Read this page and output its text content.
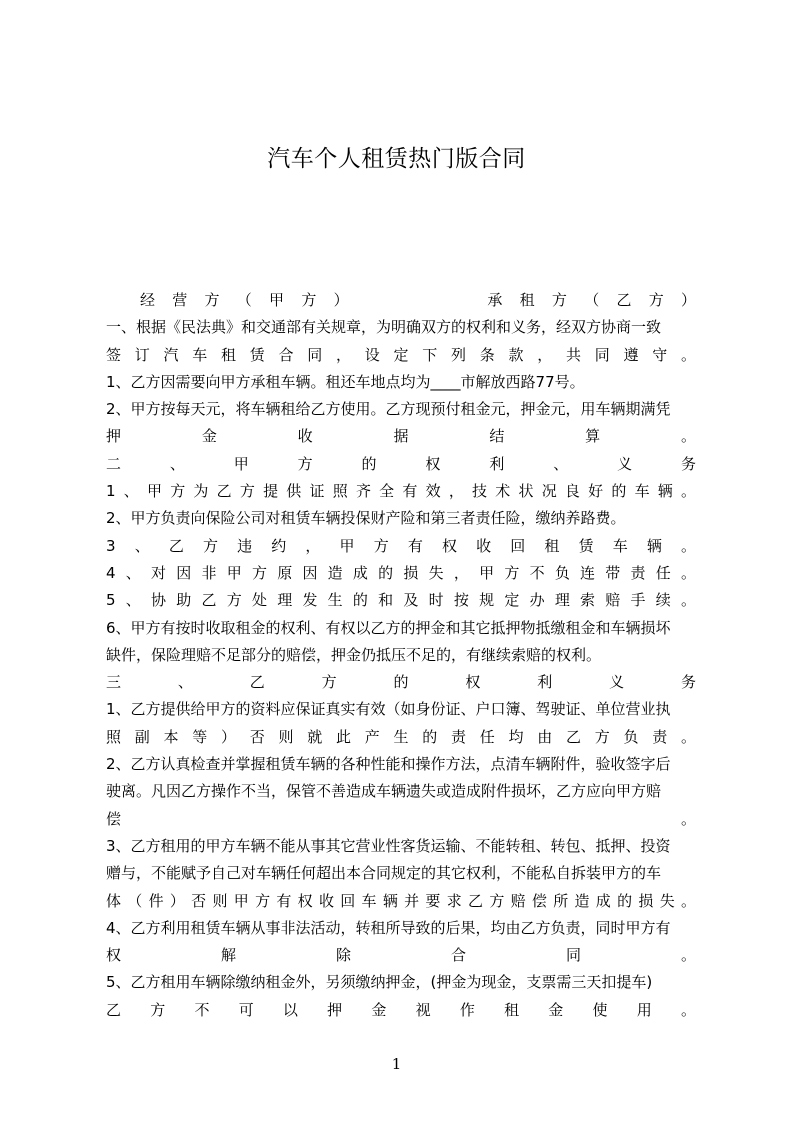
汽车个人租赁热门版合同
经营方（甲方）　　　　承租方（乙方）
一、根据《民法典》和交通部有关规章，为明确双方的权利和义务，经双方协商一致
签订汽车租赁合同，设定下列条款，共同遵守。
1、乙方因需要向甲方承租车辆。租还车地点均为____市解放西路77号。
2、甲方按每天元，将车辆租给乙方使用。乙方现预付租金元，押金元，用车辆期满凭
押金收据结算。
二、甲方的权利、义务
1、甲方为乙方提供证照齐全有效，技术状况良好的车辆。
2、甲方负责向保险公司对租赁车辆投保财产险和第三者责任险，缴纳养路费。
3、乙方违约，甲方有权收回租赁车辆。
4、对因非甲方原因造成的损失，甲方不负连带责任。
5、协助乙方处理发生的和及时按规定办理索赔手续。
6、甲方有按时收取租金的权利、有权以乙方的押金和其它抵押物抵缴租金和车辆损坏
缺件，保险理赔不足部分的赔偿，押金仍抵压不足的，有继续索赔的权利。
三、乙方的权利义务
1、乙方提供给甲方的资料应保证真实有效（如身份证、户口簿、驾驶证、单位营业执
照副本等）否则就此产生的责任均由乙方负责。
2、乙方认真检查并掌握租赁车辆的各种性能和操作方法，点清车辆附件，验收签字后
驶离。凡因乙方操作不当，保管不善造成车辆遗失或造成附件损坏，乙方应向甲方赔
偿。
3、乙方租用的甲方车辆不能从事其它营业性客货运输、不能转租、转包、抵押、投资
赠与，不能赋予自己对车辆任何超出本合同规定的其它权利，不能私自拆装甲方的车
体（件）否则甲方有权收回车辆并要求乙方赔偿所造成的损失。
4、乙方利用租赁车辆从事非法活动，转租所导致的后果，均由乙方负责，同时甲方有
权解除合同。
5、乙方租用车辆除缴纳租金外，另须缴纳押金，(押金为现金，支票需三天扣提车)
乙方不可以押金视作租金使用。
1
